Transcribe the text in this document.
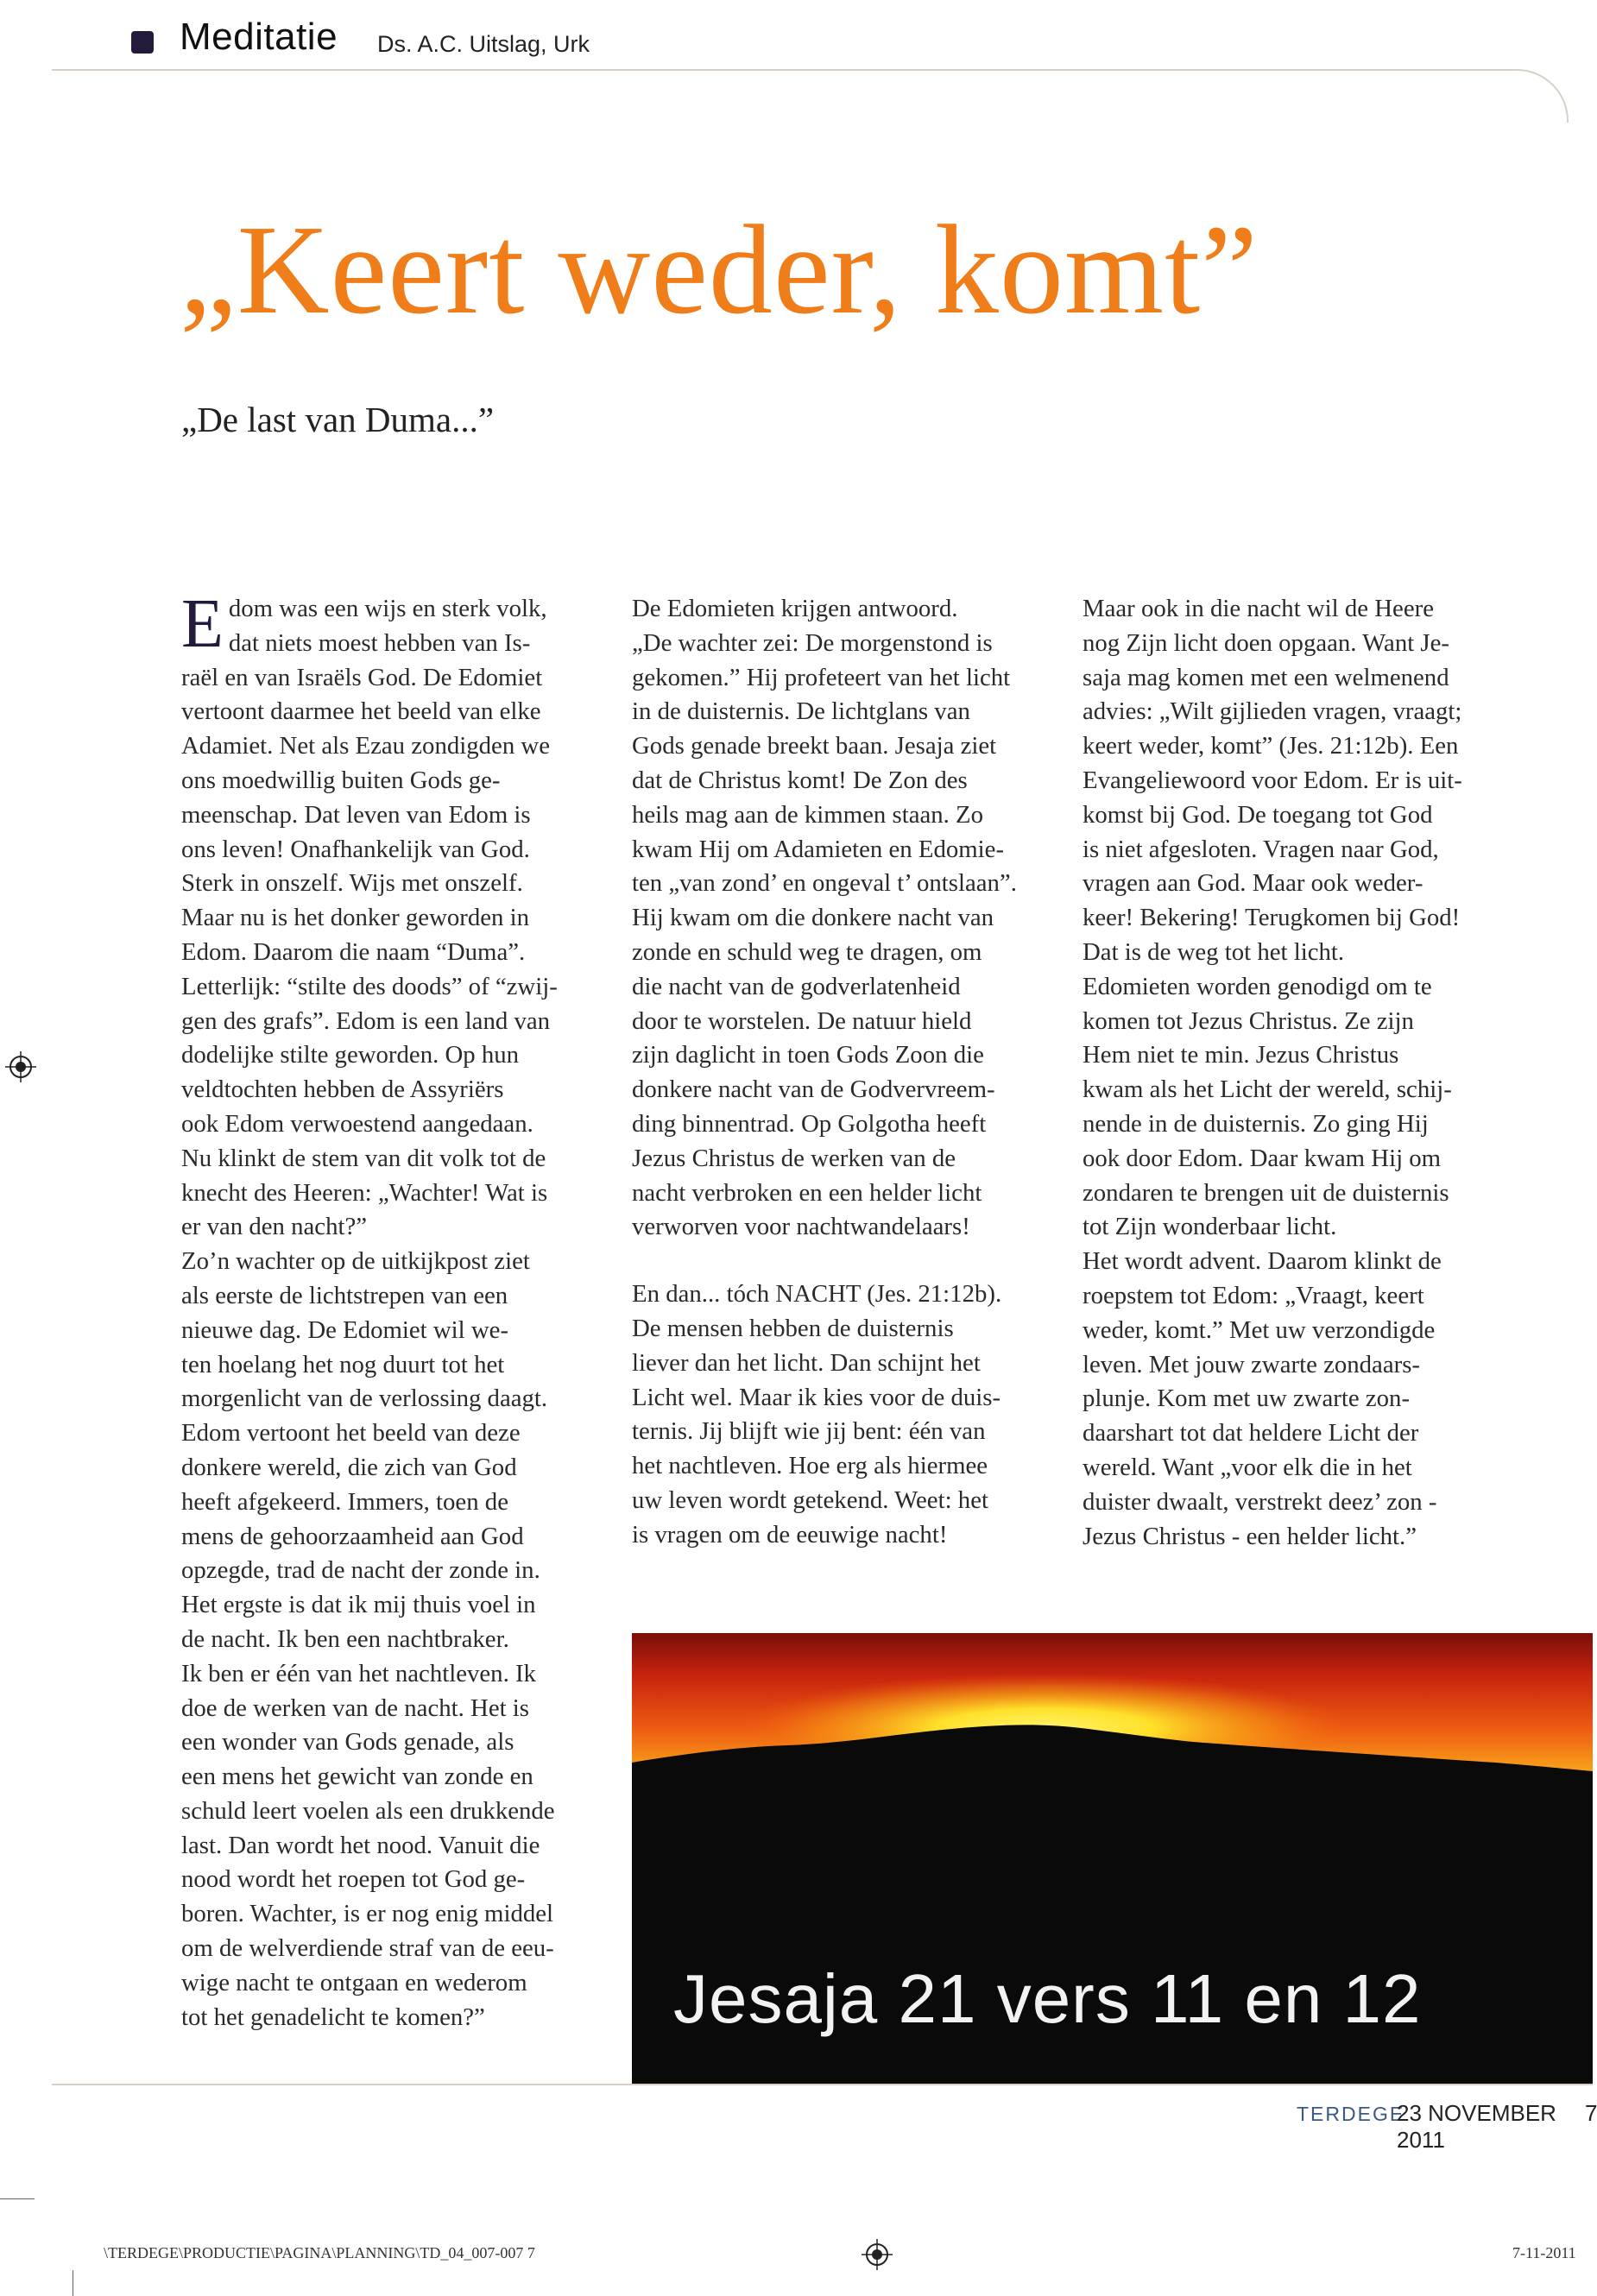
Meditatie Ds. A.C. Uitslag, Urk
„Keert weder, komt”
„De last van Duma...”
E dom was een wijs en sterk volk,
dat niets moest hebben van Is-
raël en van Israëls God. De Edomiet
vertoont daarmee het beeld van elke
Adamiet. Net als Ezau zondigden we
ons moedwillig buiten Gods ge-
meenschap. Dat leven van Edom is
ons leven! Onafhankelijk van God.
Sterk in onszelf. Wijs met onszelf.
Maar nu is het donker geworden in
Edom. Daarom die naam “Duma”.
Letterlijk: “stilte des doods” of “zwij-
gen des grafs”. Edom is een land van
dodelijke stilte geworden. Op hun
veldtochten hebben de Assyriërs
ook Edom verwoestend aangedaan.
Nu klinkt de stem van dit volk tot de
knecht des Heeren: „Wachter! Wat is
er van den nacht?”
Zo’n wachter op de uitkijkpost ziet
als eerste de lichtstrepen van een
nieuwe dag. De Edomiet wil we-
ten hoelang het nog duurt tot het
morgenlicht van de verlossing daagt.
Edom vertoont het beeld van deze
donkere wereld, die zich van God
heeft afgekeerd. Immers, toen de
mens de gehoorzaamheid aan God
opzegde, trad de nacht der zonde in.
Het ergste is dat ik mij thuis voel in
de nacht. Ik ben een nachtbraker.
Ik ben er één van het nachtleven. Ik
doe de werken van de nacht. Het is
een wonder van Gods genade, als
een mens het gewicht van zonde en
schuld leert voelen als een drukkende
last. Dan wordt het nood. Vanuit die
nood wordt het roepen tot God ge-
boren. Wachter, is er nog enig middel
om de welverdiende straf van de eeu-
wige nacht te ontgaan en wederom
tot het genadelicht te komen?”
De Edomieten krijgen antwoord.
„De wachter zei: De morgenstond is
gekomen.” Hij profeteert van het licht
in de duisternis. De lichtglans van
Gods genade breekt baan. Jesaja ziet
dat de Christus komt! De Zon des
heils mag aan de kimmen staan. Zo
kwam Hij om Adamieten en Edomie-
ten „van zond’ en ongeval t’ ontslaan”.
Hij kwam om die donkere nacht van
zonde en schuld weg te dragen, om
die nacht van de godverlatenheid
door te worstelen. De natuur hield
zijn daglicht in toen Gods Zoon die
donkere nacht van de Godvervreem-
ding binnentrad. Op Golgotha heeft
Jezus Christus de werken van de
nacht verbroken en een helder licht
verworven voor nachtwandelaars!
En dan... tóch NACHT (Jes. 21:12b).
De mensen hebben de duisternis
liever dan het licht. Dan schijnt het
Licht wel. Maar ik kies voor de duis-
ternis. Jij blijft wie jij bent: één van
het nachtleven. Hoe erg als hiermee
uw leven wordt getekend. Weet: het
is vragen om de eeuwige nacht!
Maar ook in die nacht wil de Heere
nog Zijn licht doen opgaan. Want Je-
saja mag komen met een welmenend
advies: „Wilt gijlieden vragen, vraagt;
keert weder, komt” (Jes. 21:12b). Een
Evangeliewoord voor Edom. Er is uit-
komst bij God. De toegang tot God
is niet afgesloten. Vragen naar God,
vragen aan God. Maar ook weder-
keer! Bekering! Terugkomen bij God!
Dat is de weg tot het licht.
Edomieten worden genodigd om te
komen tot Jezus Christus. Ze zijn
Hem niet te min. Jezus Christus
kwam als het Licht der wereld, schij-
nende in de duisternis. Zo ging Hij
ook door Edom. Daar kwam Hij om
zondaren te brengen uit de duisternis
tot Zijn wonderbaar licht.
Het wordt advent. Daarom klinkt de
roepstem tot Edom: „Vraagt, keert
weder, komt.” Met uw verzondigde
leven. Met jouw zwarte zondaars-
plunje. Kom met uw zwarte zon-
daarshart tot dat heldere Licht der
wereld. Want „voor elk die in het
duister dwaalt, verstrekt deez’ zon -
Jezus Christus - een helder licht.”
Jesaja 21 vers 11 en 12
TERDEGE
23 NOVEMBER 2011
7
\TERDEGE\PRODUCTIE\PAGINA\PLANNING\TD_04_007-007 7	7-11-2011
